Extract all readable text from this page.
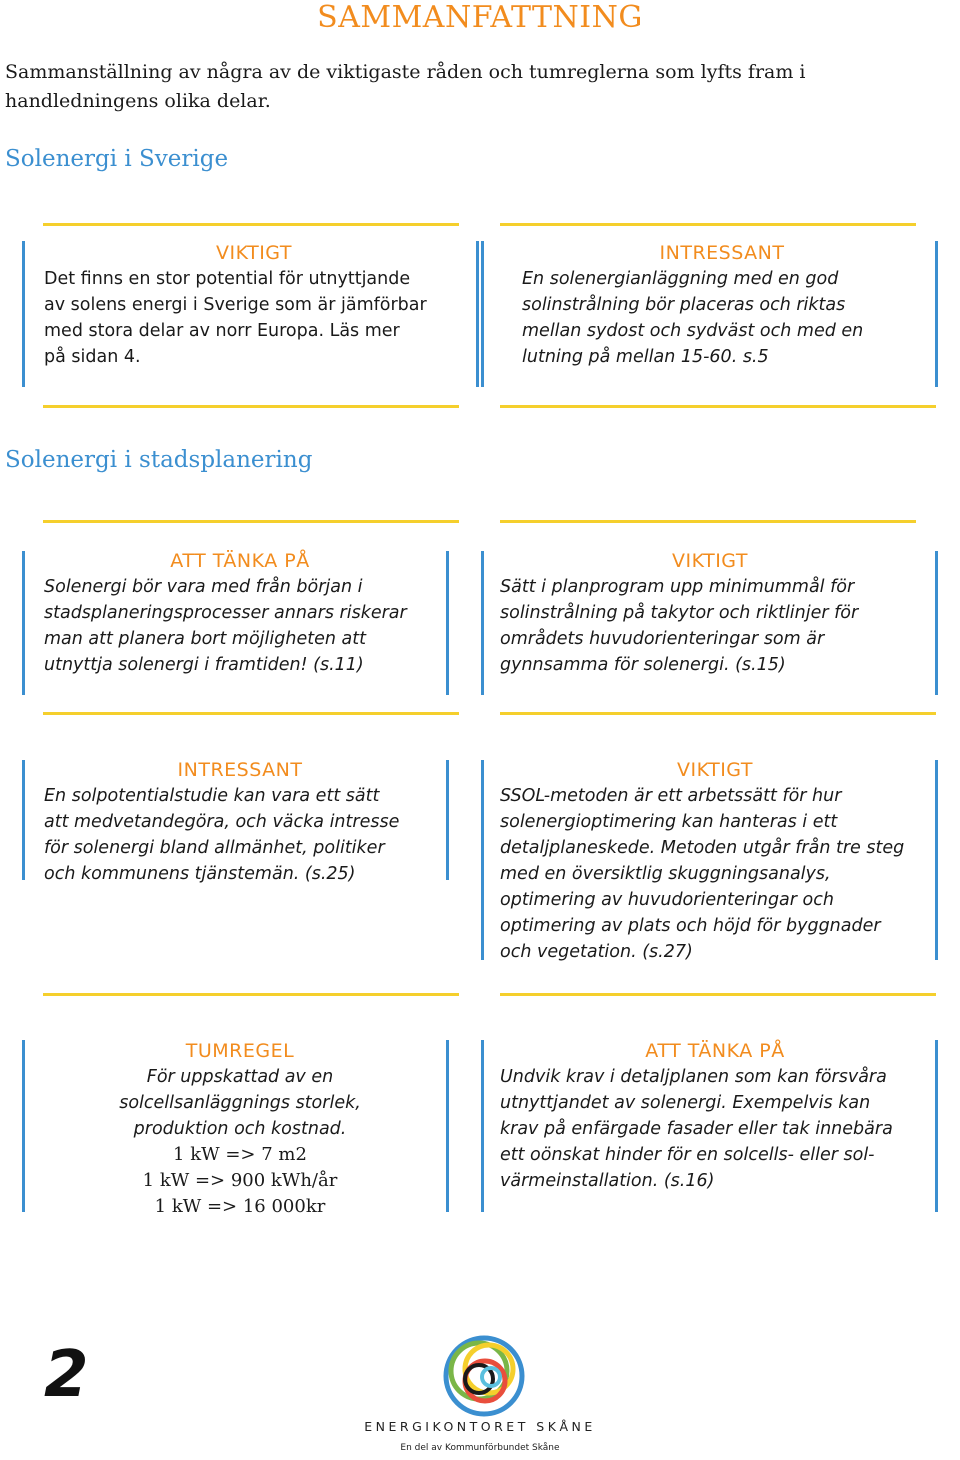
SAMMANFATTNING
Sammanställning av några av de viktigaste råden och tumreglerna som lyfts fram i handledningens olika delar.
Solenergi i Sverige
VIKTIGT
Det finns en stor potential för utnyttjande
av solens energi i Sverige som är jämförbar
med stora delar av norr Europa. Läs mer
på sidan 4.
INTRESSANT
En solenergianläggning med en god
solinstrålning bör placeras och riktas
mellan sydost och sydväst och med en
lutning på mellan 15-60. s.5
Solenergi i stadsplanering
ATT TÄNKA PÅ
Solenergi bör vara med från början i
stadsplaneringsprocesser annars riskerar
man att planera bort möjligheten att
utnyttja solenergi i framtiden! (s.11)
VIKTIGT
Sätt i planprogram upp minimummål för
solinstrålning på takytor och riktlinjer för
områdets huvudorienteringar som är
gynnsamma för solenergi. (s.15)
INTRESSANT
En solpotentialstudie kan vara ett sätt
att medvetandegöra, och väcka intresse
för solenergi bland allmänhet, politiker
och kommunens tjänstemän. (s.25)
VIKTIGT
SSOL-metoden är ett arbetssätt för hur
solenergioptimering kan hanteras i ett
detaljplaneskede. Metoden utgår från tre steg
med en översiktlig skuggningsanalys,
optimering av huvudorienteringar och
optimering av plats och höjd för byggnader
och vegetation. (s.27)
TUMREGEL
För uppskattad av en
solcellsanläggnings storlek,
produktion och kostnad.
1 kW => 7 m2
1 kW => 900 kWh/år
1 kW => 16 000kr
ATT TÄNKA PÅ
Undvik krav i detaljplanen som kan försvåra
utnyttjandet av solenergi. Exempelvis kan
krav på enfärgade fasader eller tak innebära
ett oönskat hinder för en solcells- eller sol-
värmeinstallation. (s.16)
2
ENERGIKONTORET SKÅNE
En del av Kommunförbundet Skåne
